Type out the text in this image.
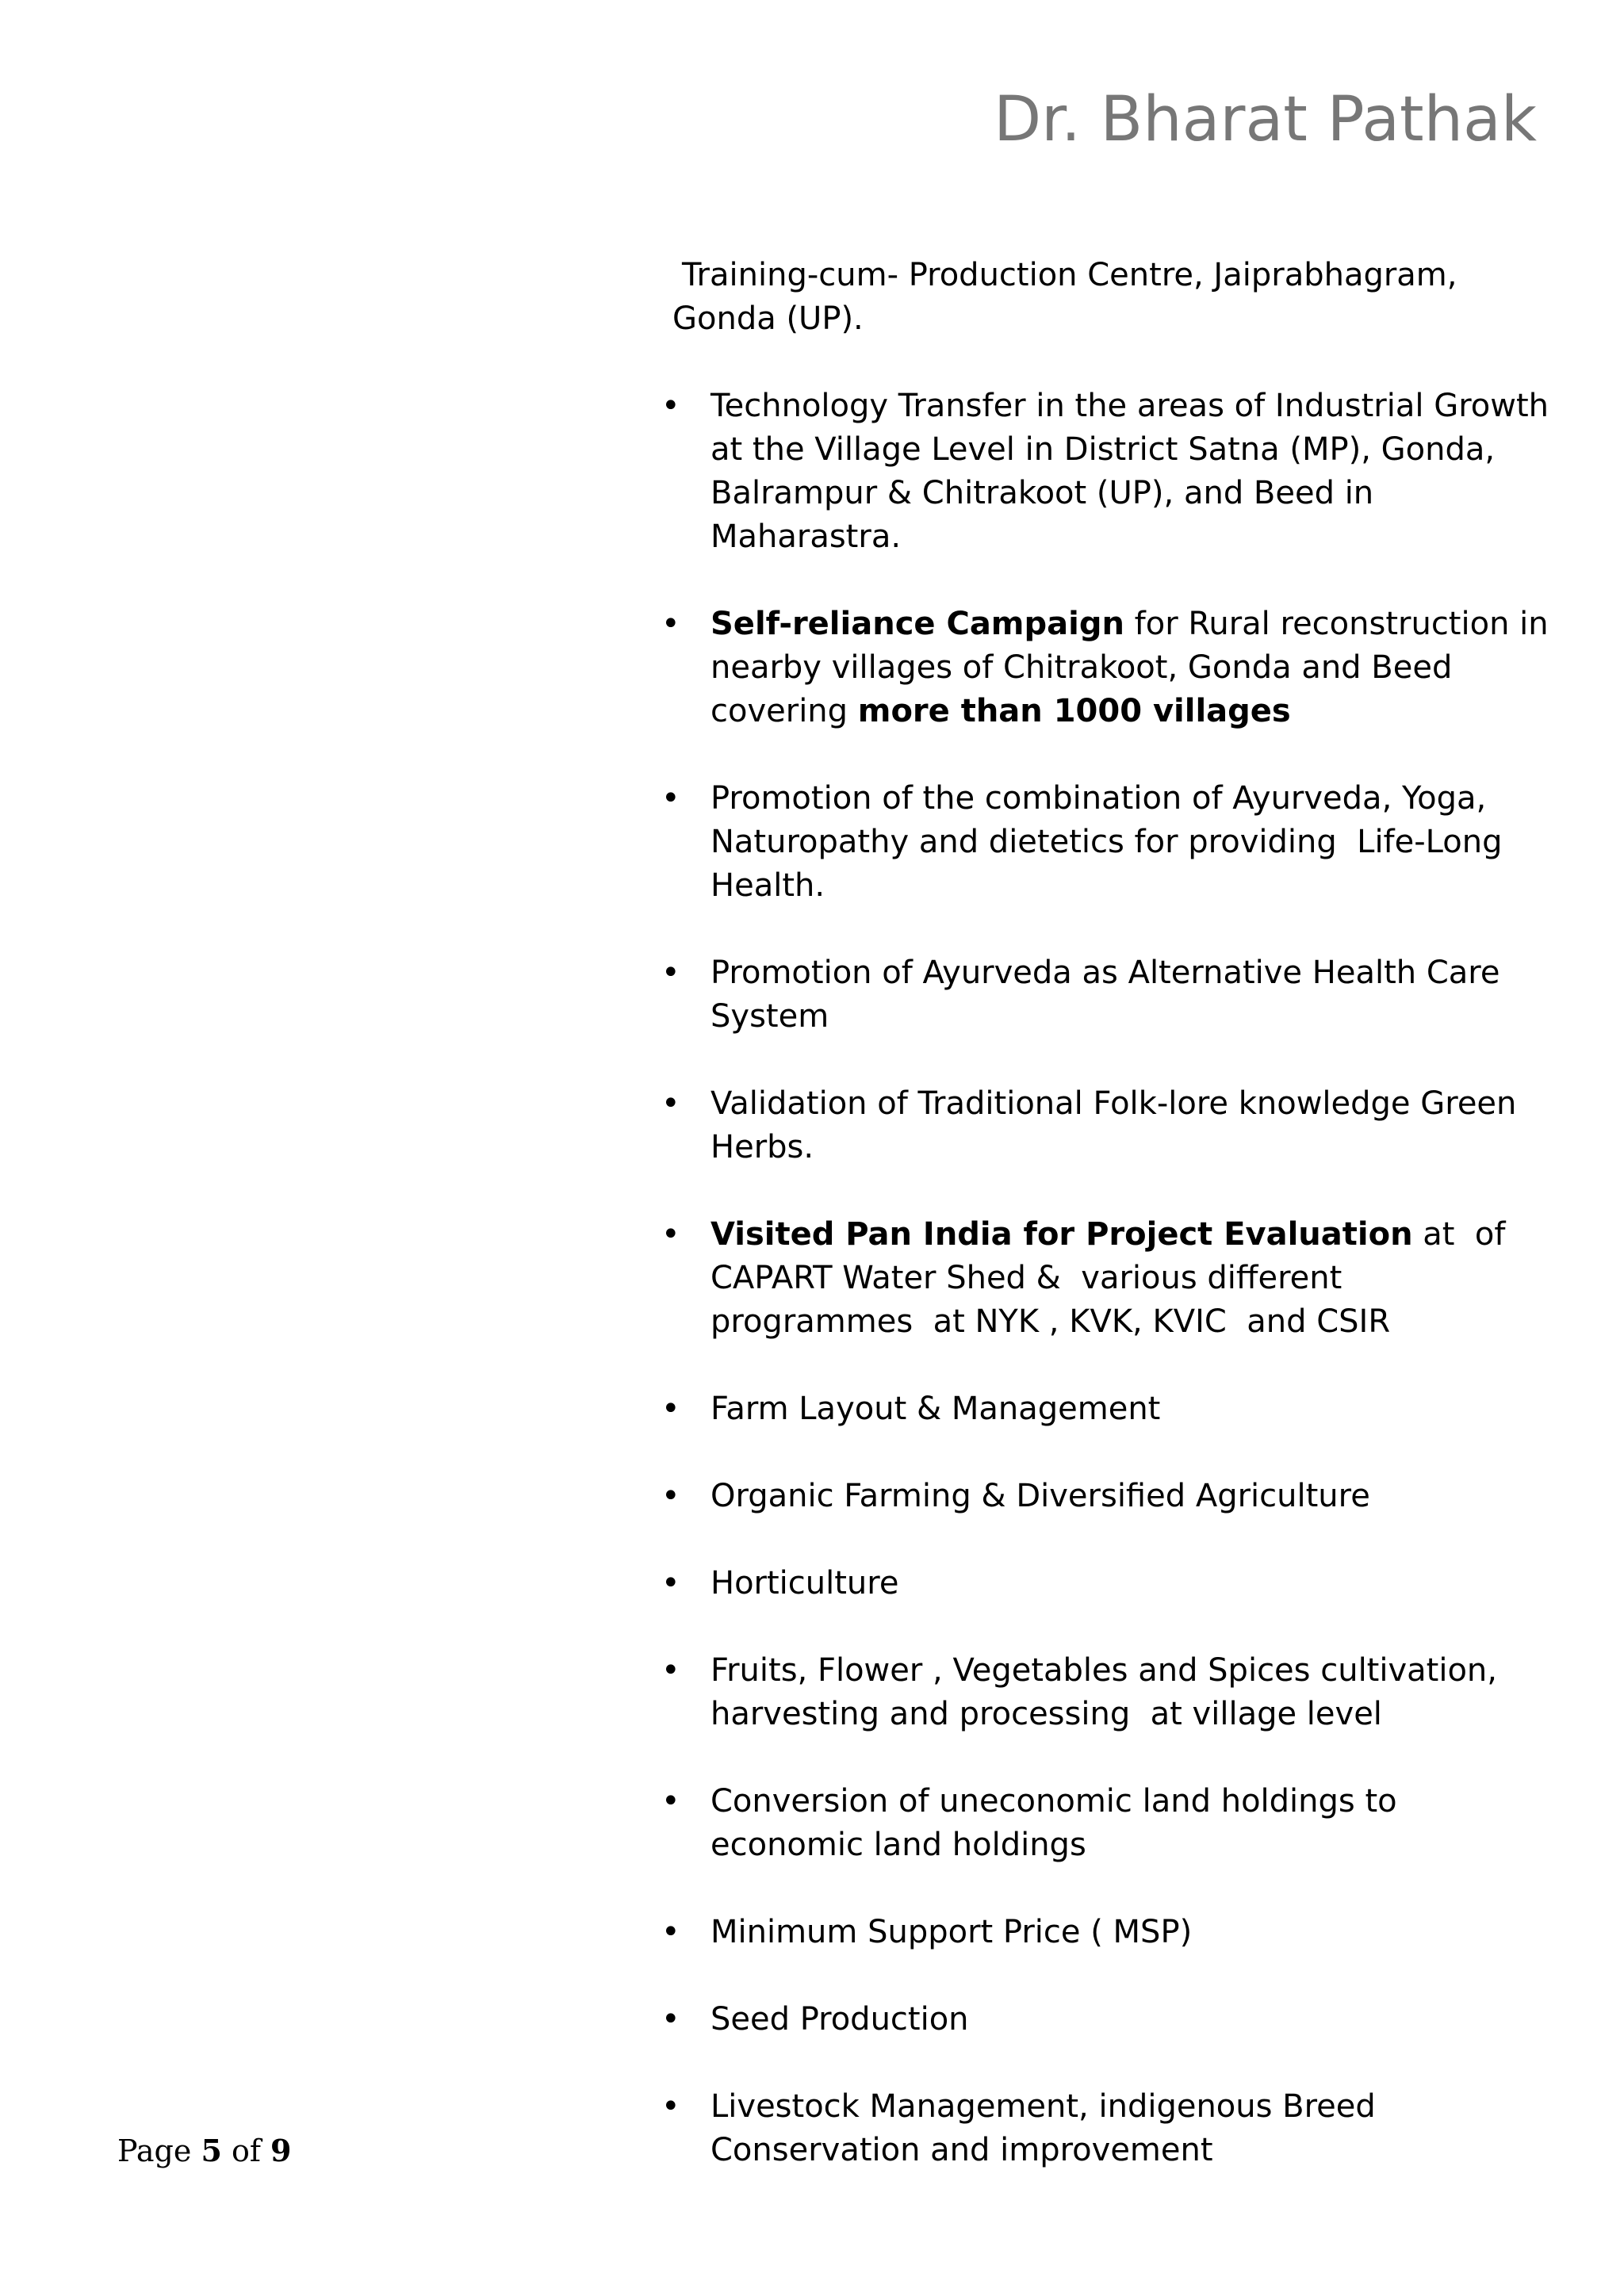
Dr. Bharat Pathak

Training-cum- Production Centre, Jaiprabhagram,
Gonda (UP).

• Technology Transfer in the areas of Industrial Growth at the Village Level in District Satna (MP), Gonda, Balrampur & Chitrakoot (UP), and Beed in Maharastra.
• Self-reliance Campaign for Rural reconstruction in nearby villages of Chitrakoot, Gonda and Beed covering more than 1000 villages
• Promotion of the combination of Ayurveda, Yoga, Naturopathy and dietetics for providing  Life-Long Health.
• Promotion of Ayurveda as Alternative Health Care System
• Validation of Traditional Folk-lore knowledge Green Herbs.
• Visited Pan India for Project Evaluation at  of CAPART Water Shed &  various different programmes  at NYK , KVK, KVIC  and CSIR
• Farm Layout & Management
• Organic Farming & Diversified Agriculture
• Horticulture
• Fruits, Flower , Vegetables and Spices cultivation, harvesting and processing  at village level
• Conversion of uneconomic land holdings to economic land holdings
• Minimum Support Price ( MSP)
• Seed Production
• Livestock Management, indigenous Breed Conservation and improvement
Page 5 of 9
